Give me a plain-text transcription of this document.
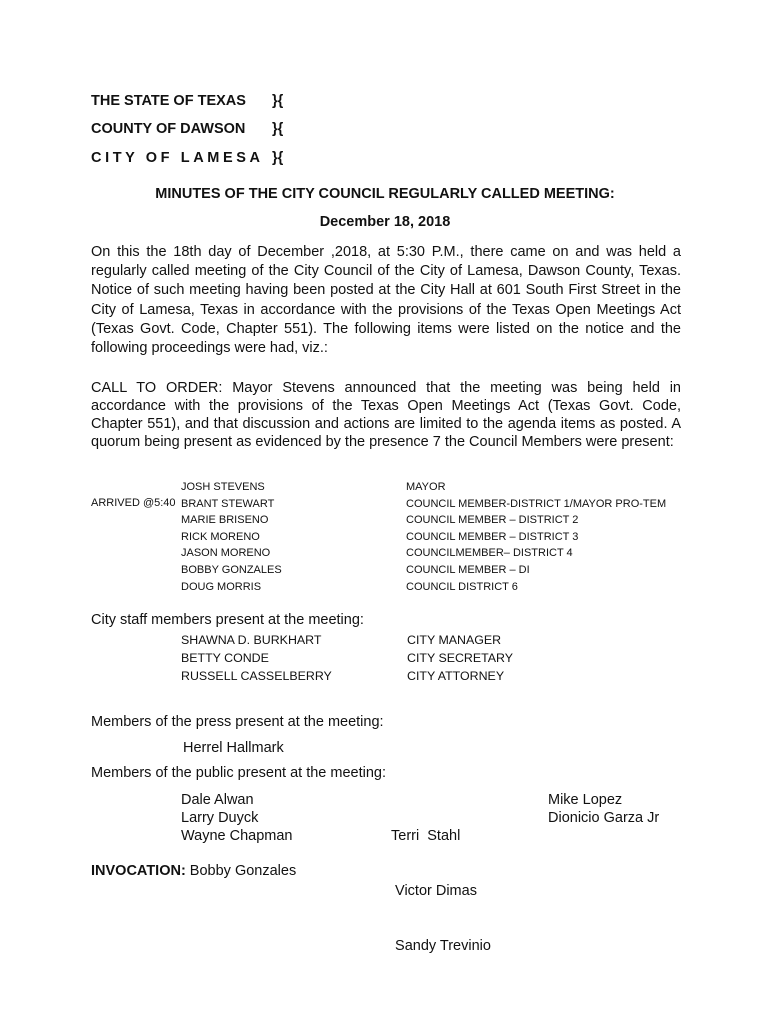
THE STATE OF TEXAS }{
COUNTY OF DAWSON }{
CITY OF LAMESA }{
MINUTES OF THE CITY COUNCIL REGULARLY CALLED MEETING:
December 18, 2018

On this the 18th day of December ,2018, at 5:30 P.M., there came on and was held a regularly called meeting of the City Council of the City of Lamesa, Dawson County, Texas. Notice of such meeting having been posted at the City Hall at 601 South First Street in the City of Lamesa, Texas in accordance with the provisions of the Texas Open Meetings Act (Texas Govt. Code, Chapter 551). The following items were listed on the notice and the following proceedings were had, viz.:

CALL TO ORDER: Mayor Stevens announced that the meeting was being held in accordance with the provisions of the Texas Open Meetings Act (Texas Govt. Code, Chapter 551), and that discussion and actions are limited to the agenda items as posted. A quorum being present as evidenced by the presence 7 the Council Members were present:

ARRIVED @5:40
JOSH STEVENS
BRANT STEWART
MARIE BRISENO
RICK MORENO
JASON MORENO
BOBBY GONZALES
DOUG MORRIS
MAYOR
COUNCIL MEMBER-DISTRICT 1/MAYOR PRO-TEM
COUNCIL MEMBER – DISTRICT 2
COUNCIL MEMBER – DISTRICT 3
COUNCILMEMBER– DISTRICT 4
COUNCIL MEMBER – DI
COUNCIL DISTRICT 6
City staff members present at the meeting:
SHAWNA D. BURKHART
BETTY CONDE
RUSSELL CASSELBERRY
CITY MANAGER
CITY SECRETARY
CITY ATTORNEY
Members of the press present at the meeting:
Herrel Hallmark
Members of the public present at the meeting:
Dale Alwan
Larry Duyck
Wayne Chapman

	Terri  Stahl

Victor Dimas

Sandy Trevinio

Mike Lopez
Dionicio Garza Jr
INVOCATION: Bobby Gonzales
